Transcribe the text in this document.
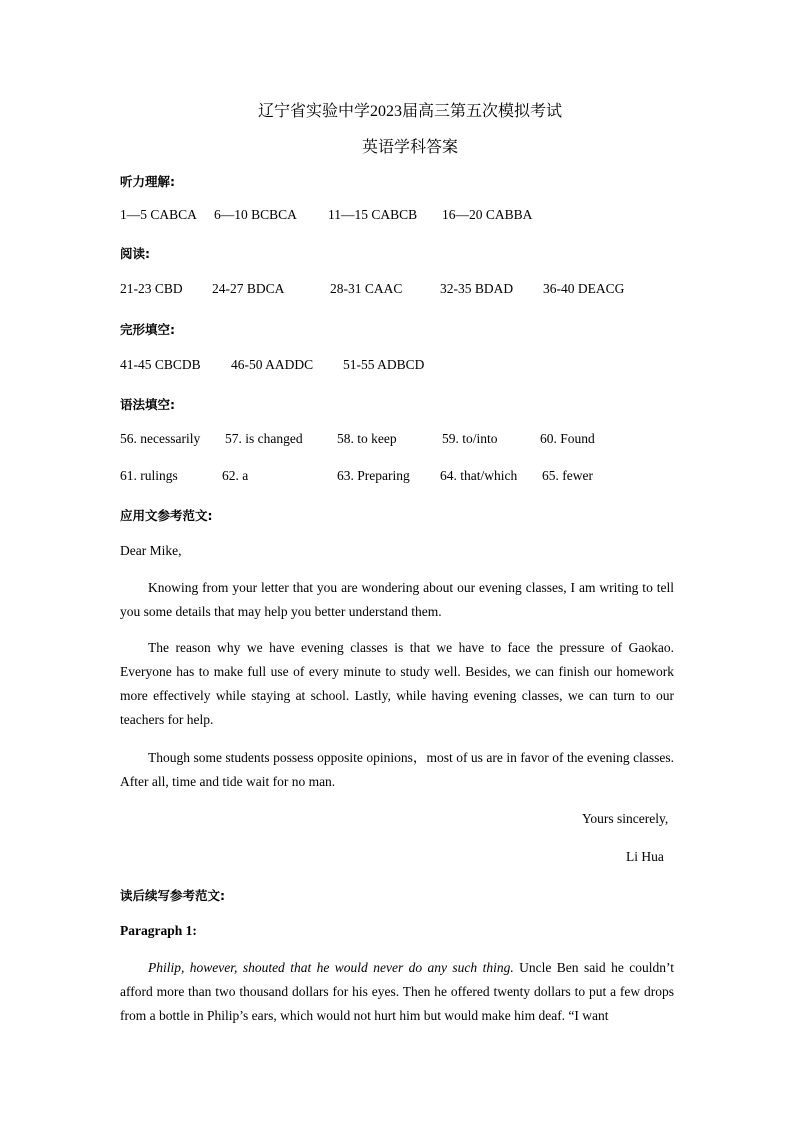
辽宁省实验中学2023届高三第五次模拟考试
英语学科答案
听力理解:
1—5 CABCA 6—10 BCBCA 11—15 CABCB 16—20 CABBA
阅读:
21-23 CBD 24-27 BDCA	28-31 CAAC	32-35 BDAD 36-40 DEACG
完形填空:
41-45 CBCDB 46-50 AADDC 51-55 ADBCD
语法填空:
56. necessarily 57. is changed	58. to keep	59. to/into	60. Found
61. rulings	62. a	63. Preparing 64. that/which 65. fewer
应用文参考范文:
Dear Mike,
Knowing from your letter that you are wondering about our evening classes, I am writing to tell you some details that may help you better understand them.
The reason why we have evening classes is that we have to face the pressure of Gaokao. Everyone has to make full use of every minute to study well. Besides, we can finish our homework more effectively while staying at school. Lastly, while having evening classes, we can turn to our teachers for help.
Though some students possess opposite opinions，most of us are in favor of the evening classes. After all, time and tide wait for no man.
Yours sincerely,
Li Hua
读后续写参考范文:
Paragraph 1:
Philip, however, shouted that he would never do any such thing. Uncle Ben said he couldn’t afford more than two thousand dollars for his eyes. Then he offered twenty dollars to put a few drops from a bottle in Philip’s ears, which would not hurt him but would make him deaf. “I want
